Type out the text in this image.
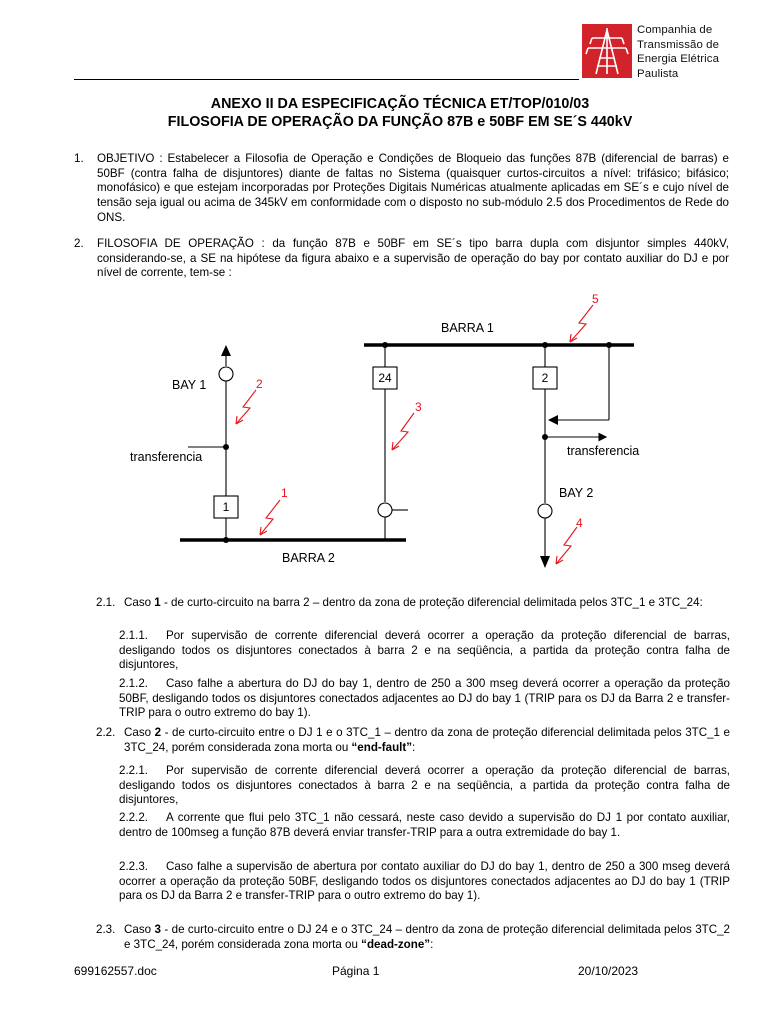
Companhia de
Transmissão de
Energia Elétrica
Paulista
ANEXO II DA ESPECIFICAÇÃO TÉCNICA ET/TOP/010/03
FILOSOFIA DE OPERAÇÃO DA FUNÇÃO 87B e 50BF EM SE´S 440kV
1. OBJETIVO : Estabelecer a Filosofia de Operação e Condições de Bloqueio das funções 87B (diferencial de barras) e 50BF (contra falha de disjuntores) diante de faltas no Sistema (quaisquer curtos-circuitos a nível: trifásico; bifásico; monofásico) e que estejam incorporadas por Proteções Digitais Numéricas atualmente aplicadas em SE´s e cujo nível de tensão seja igual ou acima de 345kV em conformidade com o disposto no sub-módulo 2.5 dos Procedimentos de Rede do ONS.
2. FILOSOFIA DE OPERAÇÃO : da função 87B e 50BF em SE´s tipo barra dupla com disjuntor simples 440kV, considerando-se, a SE na hipótese da figura abaixo e a supervisão de operação do bay por contato auxiliar do DJ e por nível de corrente, tem-se :
BARRA 1
BARRA 2
BAY 1
transferencia
1
24	2
transferencia
BAY 2
1
2
3
4
5
2.1. Caso 1 - de curto-circuito na barra 2 – dentro da zona de proteção diferencial delimitada pelos 3TC_1 e 3TC_24:
2.1.1.	Por supervisão de corrente diferencial deverá ocorrer a operação da proteção diferencial de barras, desligando todos os disjuntores conectados à barra 2 e na seqüência, a partida da proteção contra falha de disjuntores,
2.1.2.	Caso falhe a abertura do DJ do bay 1, dentro de 250 a 300 mseg deverá ocorrer a operação da proteção 50BF, desligando todos os disjuntores conectados adjacentes ao DJ do bay 1 (TRIP para os DJ da Barra 2 e transfer-TRIP para o outro extremo do bay 1).
2.2. Caso 2 - de curto-circuito entre o DJ 1 e o 3TC_1 – dentro da zona de proteção diferencial delimitada pelos 3TC_1 e 3TC_24, porém considerada zona morta ou “end-fault”:
2.2.1.	Por supervisão de corrente diferencial deverá ocorrer a operação da proteção diferencial de barras, desligando todos os disjuntores conectados à barra 2 e na seqüência, a partida da proteção contra falha de disjuntores,
2.2.2.	A corrente que flui pelo 3TC_1 não cessará, neste caso devido a supervisão do DJ 1 por contato auxiliar, dentro de 100mseg a função 87B deverá enviar transfer-TRIP para a outra extremidade do bay 1.
2.2.3.	Caso falhe a supervisão de abertura por contato auxiliar do DJ do bay 1, dentro de 250 a 300 mseg deverá ocorrer a operação da proteção 50BF, desligando todos os disjuntores conectados adjacentes ao DJ do bay 1 (TRIP para os DJ da Barra 2 e transfer-TRIP para o outro extremo do bay 1).
2.3. Caso 3 - de curto-circuito entre o DJ 24 e o 3TC_24 – dentro da zona de proteção diferencial delimitada pelos 3TC_2 e 3TC_24, porém considerada zona morta ou “dead-zone”:
699162557.doc	Página 1	20/10/2023
